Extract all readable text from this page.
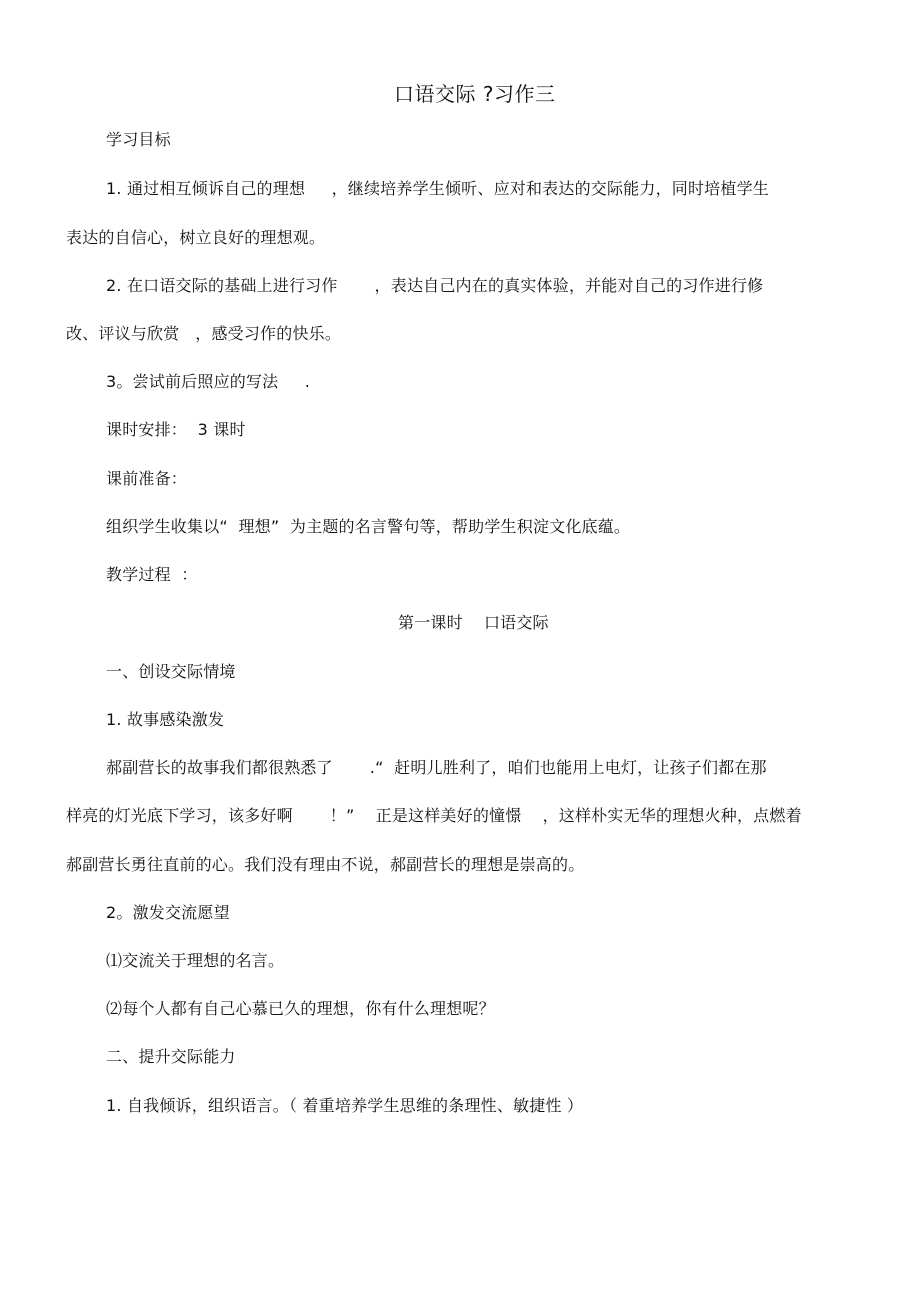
口语交际 ?习作三
学习目标
1. 通过相互倾诉自己的理想     ，继续培养学生倾听、应对和表达的交际能力，同时培植学生
表达的自信心，树立良好的理想观。
2. 在口语交际的基础上进行习作       ，表达自己内在的真实体验，并能对自己的习作进行修
改、评议与欣赏   ，感受习作的快乐。
3。尝试前后照应的写法     .
课时安排：  3 课时
课前准备：
组织学生收集以“  理想”  为主题的名言警句等，帮助学生积淀文化底蕴。
教学过程  ：
第一课时    口语交际
一、创设交际情境
1. 故事感染激发
郝副营长的故事我们都很熟悉了       .“  赶明儿胜利了，咱们也能用上电灯，让孩子们都在那
样亮的灯光底下学习，该多好啊       ！”    正是这样美好的憧憬    ，这样朴实无华的理想火种，点燃着
郝副营长勇往直前的心。我们没有理由不说，郝副营长的理想是崇高的。
2。激发交流愿望
⑴交流关于理想的名言。
⑵每个人都有自己心慕已久的理想，你有什么理想呢？
二、提升交际能力
1. 自我倾诉，组织语言。（ 着重培养学生思维的条理性、敏捷性 ）
